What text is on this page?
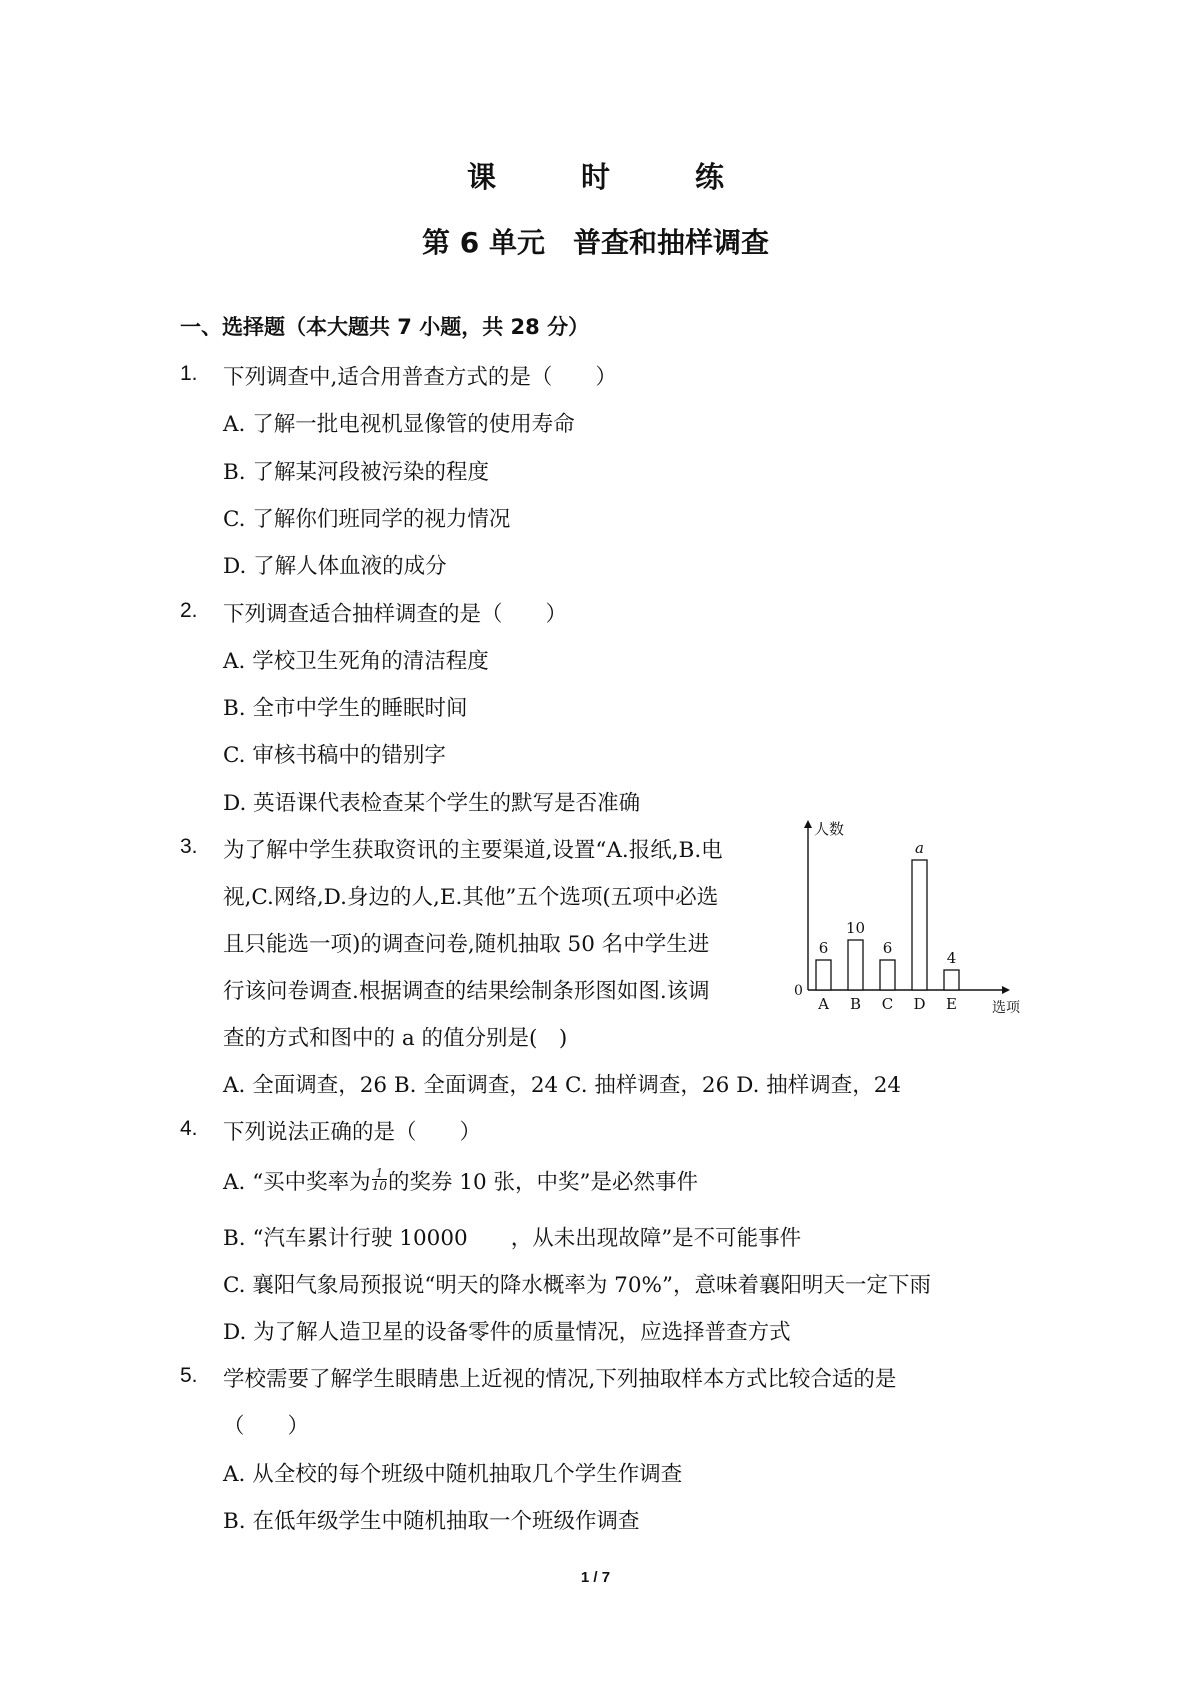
课　时　练
第 6 单元　普查和抽样调查
一、选择题（本大题共 7 小题，共 28 分）
1. 下列调查中,适合用普查方式的是（　　）
A. 了解一批电视机显像管的使用寿命
B. 了解某河段被污染的程度
C. 了解你们班同学的视力情况
D. 了解人体血液的成分
2. 下列调查适合抽样调查的是（　　）
A. 学校卫生死角的清洁程度
B. 全市中学生的睡眠时间
C. 审核书稿中的错别字
D. 英语课代表检查某个学生的默写是否准确
3. 为了解中学生获取资讯的主要渠道,设置“A.报纸,B.电
视,C.网络,D.身边的人,E.其他”五个选项(五项中必选
且只能选一项)的调查问卷,随机抽取 50 名中学生进
行该问卷调查.根据调查的结果绘制条形图如图.该调
查的方式和图中的 a 的值分别是(　)
A. 全面调查，26 B. 全面调查，24 C. 抽样调查，26 D. 抽样调查，24
人数
选项
0
6
A
10
B
6
C
a
D
4
E
4. 下列说法正确的是（　　）
A. “买中奖率为 $\frac{1}{10}$ 的奖券 10 张，中奖”是必然事件
B. “汽车累计行驶 10000　　，从未出现故障”是不可能事件
C. 襄阳气象局预报说“明天的降水概率为 70%”，意味着襄阳明天一定下雨
D. 为了解人造卫星的设备零件的质量情况，应选择普查方式
5. 学校需要了解学生眼睛患上近视的情况,下列抽取样本方式比较合适的是
（　　）
A. 从全校的每个班级中随机抽取几个学生作调查
B. 在低年级学生中随机抽取一个班级作调查
1 / 7
